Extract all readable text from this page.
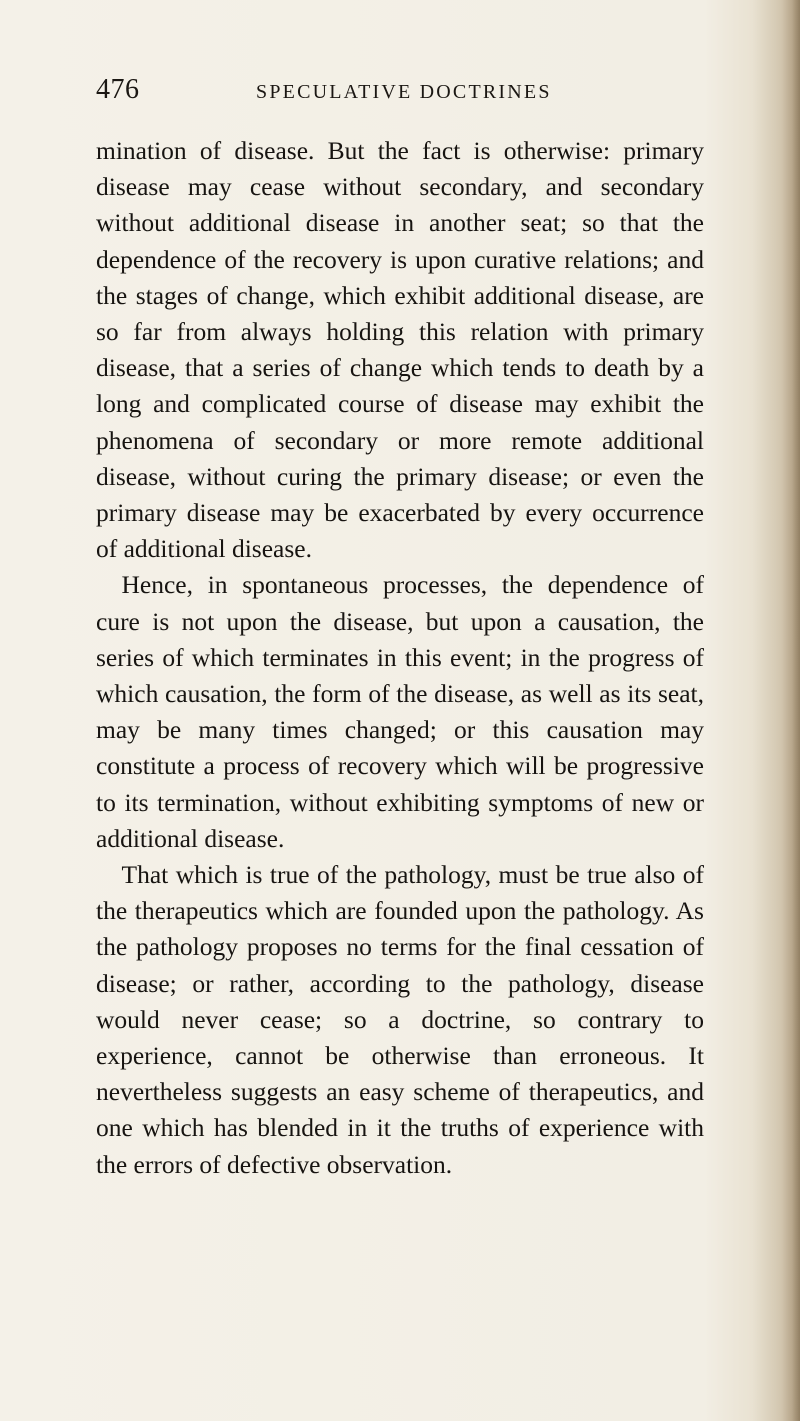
476	SPECULATIVE DOCTRINES

mination of disease. But the fact is otherwise: primary disease may cease without secondary, and secondary without additional disease in another seat; so that the dependence of the recovery is upon curative relations; and the stages of change, which exhibit additional disease, are so far from always holding this relation with primary disease, that a series of change which tends to death by a long and complicated course of disease may exhibit the phenomena of secondary or more remote additional disease, without curing the primary disease; or even the primary disease may be exacerbated by every occurrence of additional disease.

Hence, in spontaneous processes, the dependence of cure is not upon the disease, but upon a causation, the series of which terminates in this event; in the progress of which causation, the form of the disease, as well as its seat, may be many times changed; or this causation may constitute a process of recovery which will be progressive to its termination, without exhibiting symptoms of new or additional disease.

That which is true of the pathology, must be true also of the therapeutics which are founded upon the pathology. As the pathology proposes no terms for the final cessation of disease; or rather, according to the pathology, disease would never cease; so a doctrine, so contrary to experience, cannot be otherwise than erroneous. It nevertheless suggests an easy scheme of therapeutics, and one which has blended in it the truths of experience with the errors of defective observation.
